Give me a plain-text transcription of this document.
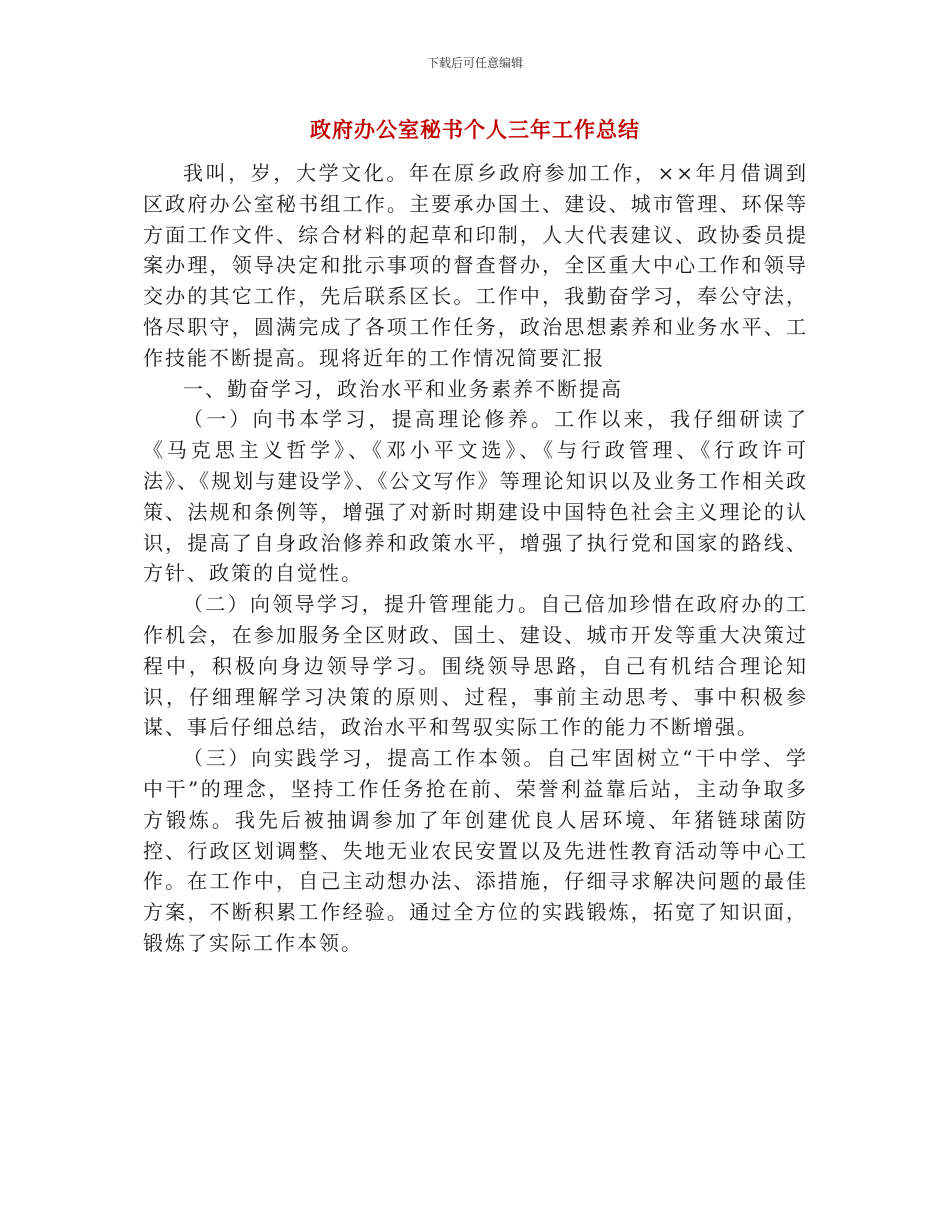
下载后可任意编辑
政府办公室秘书个人三年工作总结

我叫，岁，大学文化。年在原乡政府参加工作，××年月借调到区政府办公室秘书组工作。主要承办国土、建设、城市管理、环保等方面工作文件、综合材料的起草和印制，人大代表建议、政协委员提案办理，领导决定和批示事项的督查督办，全区重大中心工作和领导交办的其它工作，先后联系区长。工作中，我勤奋学习，奉公守法，恪尽职守，圆满完成了各项工作任务，政治思想素养和业务水平、工作技能不断提高。现将近年的工作情况简要汇报

一、勤奋学习，政治水平和业务素养不断提高

（一）向书本学习，提高理论修养。工作以来，我仔细研读了《马克思主义哲学》、《邓小平文选》、《与行政管理、《行政许可法》、《规划与建设学》、《公文写作》等理论知识以及业务工作相关政策、法规和条例等，增强了对新时期建设中国特色社会主义理论的认识，提高了自身政治修养和政策水平，增强了执行党和国家的路线、方针、政策的自觉性。

（二）向领导学习，提升管理能力。自己倍加珍惜在政府办的工作机会，在参加服务全区财政、国土、建设、城市开发等重大决策过程中，积极向身边领导学习。围绕领导思路，自己有机结合理论知识，仔细理解学习决策的原则、过程，事前主动思考、事中积极参谋、事后仔细总结，政治水平和驾驭实际工作的能力不断增强。

（三）向实践学习，提高工作本领。自己牢固树立“干中学、学中干”的理念，坚持工作任务抢在前、荣誉利益靠后站，主动争取多方锻炼。我先后被抽调参加了年创建优良人居环境、年猪链球菌防控、行政区划调整、失地无业农民安置以及先进性教育活动等中心工作。在工作中，自己主动想办法、添措施，仔细寻求解决问题的最佳方案，不断积累工作经验。通过全方位的实践锻炼，拓宽了知识面，锻炼了实际工作本领。
